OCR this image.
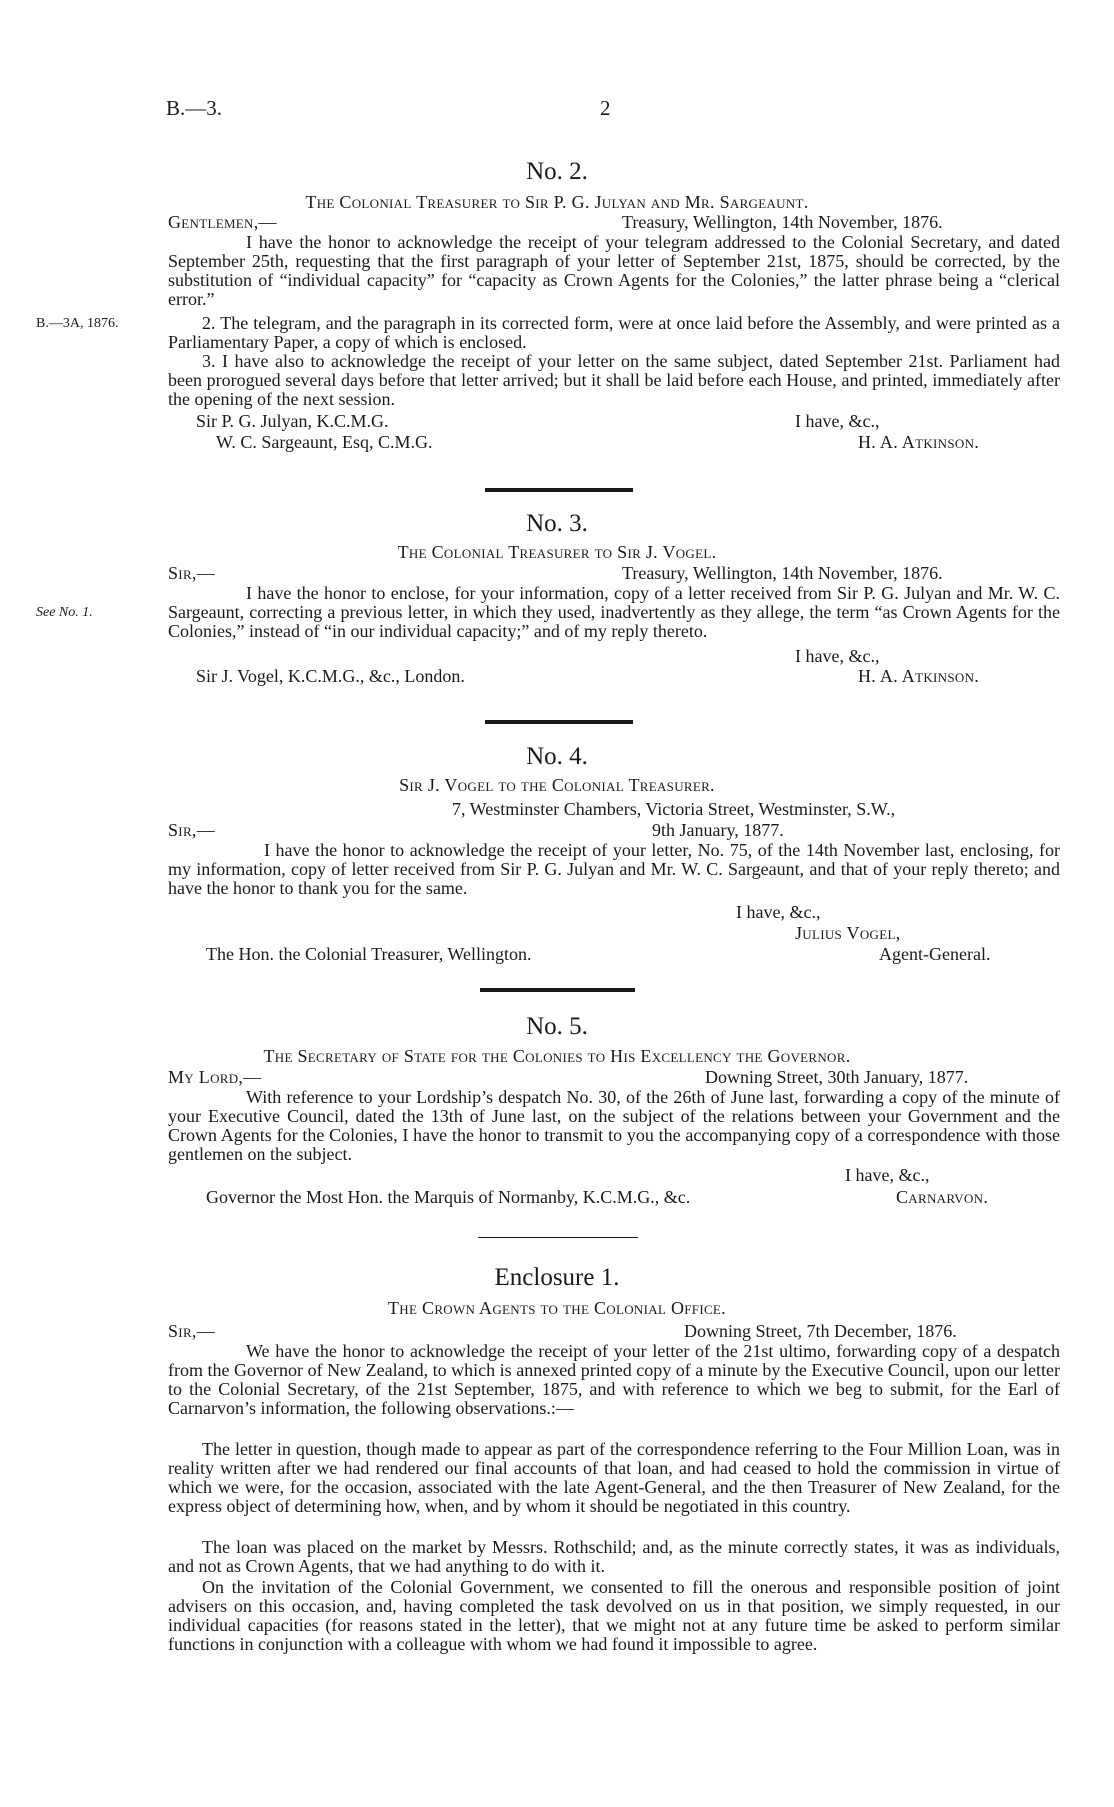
B.—3.	2
No. 2.
The Colonial Treasurer to Sir P. G. Julyan and Mr. Sargeaunt.
Gentlemen,—	Treasury, Wellington, 14th November, 1876.
I have the honor to acknowledge the receipt of your telegram addressed to the Colonial Secretary, and dated September 25th, requesting that the first paragraph of your letter of September 21st, 1875, should be corrected, by the substitution of “individual capacity” for “capacity as Crown Agents for the Colonies,” the latter phrase being a “clerical error.”
B.—3A, 1876.	2. The telegram, and the paragraph in its corrected form, were at once laid before the Assembly, and were printed as a Parliamentary Paper, a copy of which is enclosed.
3. I have also to acknowledge the receipt of your letter on the same subject, dated September 21st. Parliament had been prorogued several days before that letter arrived; but it shall be laid before each House, and printed, immediately after the opening of the next session.
Sir P. G. Julyan, K.C.M.G.	I have, &c.,
W. C. Sargeaunt, Esq, C.M.G.	H. A. Atkinson.
No. 3.
The Colonial Treasurer to Sir J. Vogel.
Sir,—	Treasury, Wellington, 14th November, 1876.
See No. 1.
I have the honor to enclose, for your information, copy of a letter received from Sir P. G. Julyan and Mr. W. C. Sargeaunt, correcting a previous letter, in which they used, inadvertently as they allege, the term “as Crown Agents for the Colonies,” instead of “in our individual capacity;” and of my reply thereto.
I have, &c.,
Sir J. Vogel, K.C.M.G., &c., London.	H. A. Atkinson.
No. 4.
Sir J. Vogel to the Colonial Treasurer.
7, Westminster Chambers, Victoria Street, Westminster, S.W.,
Sir,—	9th January, 1877.
I have the honor to acknowledge the receipt of your letter, No. 75, of the 14th November last, enclosing, for my information, copy of letter received from Sir P. G. Julyan and Mr. W. C. Sargeaunt, and that of your reply thereto; and have the honor to thank you for the same.
I have, &c.,
Julius Vogel,
The Hon. the Colonial Treasurer, Wellington.	Agent-General.
No. 5.
The Secretary of State for the Colonies to His Excellency the Governor.
My Lord,—	Downing Street, 30th January, 1877.
With reference to your Lordship’s despatch No. 30, of the 26th of June last, forwarding a copy of the minute of your Executive Council, dated the 13th of June last, on the subject of the relations between your Government and the Crown Agents for the Colonies, I have the honor to transmit to you the accompanying copy of a correspondence with those gentlemen on the subject.
I have, &c.,
Governor the Most Hon. the Marquis of Normanby, K.C.M.G., &c.	Carnarvon.
Enclosure 1.
The Crown Agents to the Colonial Office.
Sir,—	Downing Street, 7th December, 1876.
We have the honor to acknowledge the receipt of your letter of the 21st ultimo, forwarding copy of a despatch from the Governor of New Zealand, to which is annexed printed copy of a minute by the Executive Council, upon our letter to the Colonial Secretary, of the 21st September, 1875, and with reference to which we beg to submit, for the Earl of Carnarvon’s information, the following observations.:—
The letter in question, though made to appear as part of the correspondence referring to the Four Million Loan, was in reality written after we had rendered our final accounts of that loan, and had ceased to hold the commission in virtue of which we were, for the occasion, associated with the late Agent-General, and the then Treasurer of New Zealand, for the express object of determining how, when, and by whom it should be negotiated in this country.
The loan was placed on the market by Messrs. Rothschild; and, as the minute correctly states, it was as individuals, and not as Crown Agents, that we had anything to do with it.
On the invitation of the Colonial Government, we consented to fill the onerous and responsible position of joint advisers on this occasion, and, having completed the task devolved on us in that position, we simply requested, in our individual capacities (for reasons stated in the letter), that we might not at any future time be asked to perform similar functions in conjunction with a colleague with whom we had found it impossible to agree.
